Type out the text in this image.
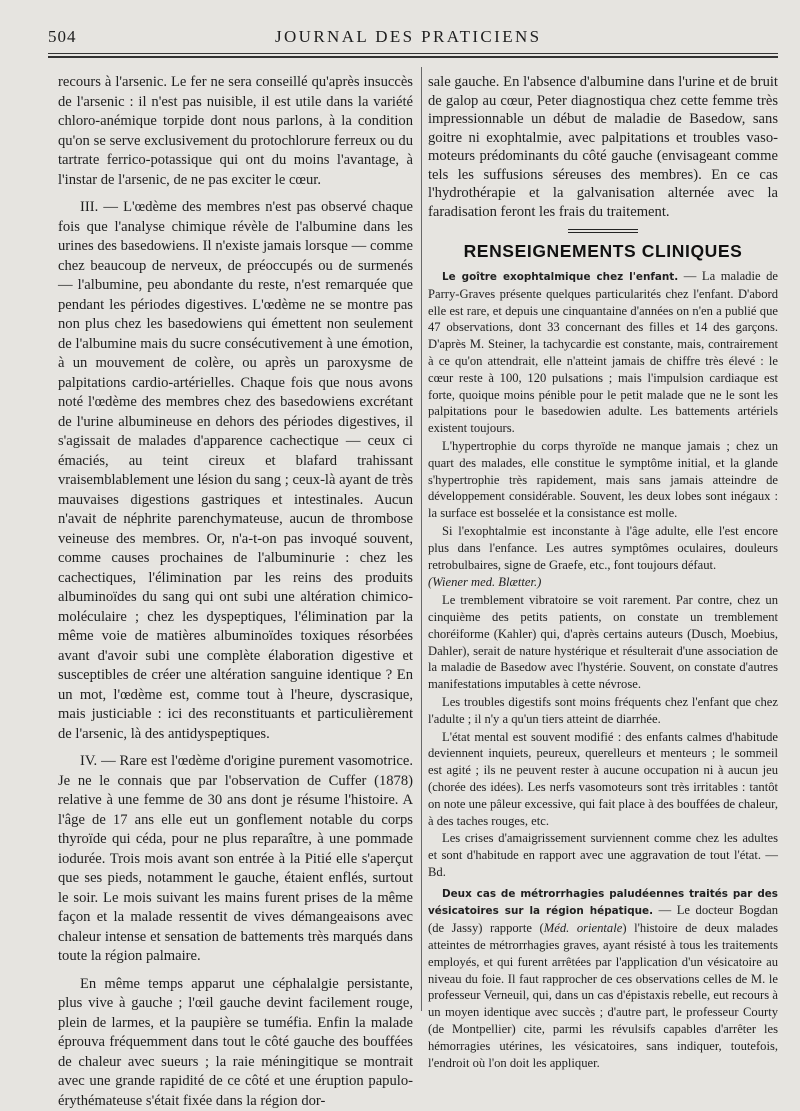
504	JOURNAL DES PRATICIENS

recours à l'arsenic. Le fer ne sera conseillé qu'après insuccès de l'arsenic : il n'est pas nuisible, il est utile dans la variété chloro-anémique torpide dont nous parlons, à la condition qu'on se serve exclusivement du protochlorure ferreux ou du tartrate ferrico-potassique qui ont du moins l'avantage, à l'instar de l'arsenic, de ne pas exciter le cœur.

III. — L'œdème des membres n'est pas observé chaque fois que l'analyse chimique révèle de l'albumine dans les urines des basedowiens. Il n'existe jamais lorsque — comme chez beaucoup de nerveux, de préoccupés ou de surmenés — l'albumine, peu abondante du reste, n'est remarquée que pendant les périodes digestives. L'œdème ne se montre pas non plus chez les basedowiens qui émettent non seulement de l'albumine mais du sucre consécutivement à une émotion, à un mouvement de colère, ou après un paroxysme de palpitations cardio-artérielles. Chaque fois que nous avons noté l'œdème des membres chez des basedowiens excrétant de l'urine albumineuse en dehors des périodes digestives, il s'agissait de malades d'apparence cachectique — ceux ci émaciés, au teint cireux et blafard trahissant vraisemblablement une lésion du sang ; ceux-là ayant de très mauvaises digestions gastriques et intestinales. Aucun n'avait de néphrite parenchymateuse, aucun de thrombose veineuse des membres. Or, n'a-t-on pas invoqué souvent, comme causes prochaines de l'albuminurie : chez les cachectiques, l'élimination par les reins des produits albuminoïdes du sang qui ont subi une altération chimico-moléculaire ; chez les dyspeptiques, l'élimination par la même voie de matières albuminoïdes toxiques résorbées avant d'avoir subi une complète élaboration digestive et susceptibles de créer une altération sanguine identique ? En un mot, l'œdème est, comme tout à l'heure, dyscrasique, mais justiciable : ici des reconstituants et particulièrement de l'arsenic, là des antidyspeptiques.

IV. — Rare est l'œdème d'origine purement vasomotrice. Je ne le connais que par l'observation de Cuffer (1878) relative à une femme de 30 ans dont je résume l'histoire. A l'âge de 17 ans elle eut un gonflement notable du corps thyroïde qui céda, pour ne plus reparaître, à une pommade iodurée. Trois mois avant son entrée à la Pitié elle s'aperçut que ses pieds, notamment le gauche, étaient enflés, surtout le soir. Le mois suivant les mains furent prises de la même façon et la malade ressentit de vives démangeaisons avec chaleur intense et sensation de battements très marqués dans toute la région palmaire.

En même temps apparut une céphalalgie persistante, plus vive à gauche ; l'œil gauche devint facilement rouge, plein de larmes, et la paupière se tuméfia. Enfin la malade éprouva fréquemment dans tout le côté gauche des bouffées de chaleur avec sueurs ; la raie méningitique se montrait avec une grande rapidité de ce côté et une éruption papulo-érythémateuse s'était fixée dans la région dor-

sale gauche. En l'absence d'albumine dans l'urine et de bruit de galop au cœur, Peter diagnostiqua chez cette femme très impressionnable un début de maladie de Basedow, sans goitre ni exophtalmie, avec palpitations et troubles vaso-moteurs prédominants du côté gauche (envisageant comme tels les suffusions séreuses des membres). En ce cas l'hydrothérapie et la galvanisation alternée avec la faradisation feront les frais du traitement.

RENSEIGNEMENTS CLINIQUES

Le goître exophtalmique chez l'enfant. — La maladie de Parry-Graves présente quelques particularités chez l'enfant. D'abord elle est rare, et depuis une cinquantaine d'années on n'en a publié que 47 observations, dont 33 concernant des filles et 14 des garçons. D'après M. Steiner, la tachycardie est constante, mais, contrairement à ce qu'on attendrait, elle n'atteint jamais de chiffre très élevé : le cœur reste à 100, 120 pulsations ; mais l'impulsion cardiaque est forte, quoique moins pénible pour le petit malade que ne le sont les palpitations pour le basedowien adulte. Les battements artériels existent toujours.

L'hypertrophie du corps thyroïde ne manque jamais ; chez un quart des malades, elle constitue le symptôme initial, et la glande s'hypertrophie très rapidement, mais sans jamais atteindre de développement considérable. Souvent, les deux lobes sont inégaux : la surface est bosselée et la consistance est molle.

Si l'exophtalmie est inconstante à l'âge adulte, elle l'est encore plus dans l'enfance. Les autres symptômes oculaires, douleurs retrobulbaires, signe de Graefe, etc., font toujours défaut.

(Wiener med. Blætter.)

Le tremblement vibratoire se voit rarement. Par contre, chez un cinquième des petits patients, on constate un tremblement choréiforme (Kahler) qui, d'après certains auteurs (Dusch, Moebius, Dahler), serait de nature hystérique et résulterait d'une association de la maladie de Basedow avec l'hystérie. Souvent, on constate d'autres manifestations imputables à cette névrose.

Les troubles digestifs sont moins fréquents chez l'enfant que chez l'adulte ; il n'y a qu'un tiers atteint de diarrhée.

L'état mental est souvent modifié : des enfants calmes d'habitude deviennent inquiets, peureux, querelleurs et menteurs ; le sommeil est agité ; ils ne peuvent rester à aucune occupation ni à aucun jeu (chorée des idées). Les nerfs vasomoteurs sont très irritables : tantôt on note une pâleur excessive, qui fait place à des bouffées de chaleur, à des taches rouges, etc.

Les crises d'amaigrissement surviennent comme chez les adultes et sont d'habitude en rapport avec une aggravation de tout l'état. — Bd.

Deux cas de métrorrhagies paludéennes traités par des vésicatoires sur la région hépatique. — Le docteur Bogdan (de Jassy) rapporte (Méd. orientale) l'histoire de deux malades atteintes de métrorrhagies graves, ayant résisté à tous les traitements employés, et qui furent arrêtées par l'application d'un vésicatoire au niveau du foie. Il faut rapprocher de ces observations celles de M. le professeur Verneuil, qui, dans un cas d'épistaxis rebelle, eut recours à un moyen identique avec succès ; d'autre part, le professeur Courty (de Montpellier) cite, parmi les révulsifs capables d'arrêter les hémorragies utérines, les vésicatoires, sans indiquer, toutefois, l'endroit où l'on doit les appliquer.
